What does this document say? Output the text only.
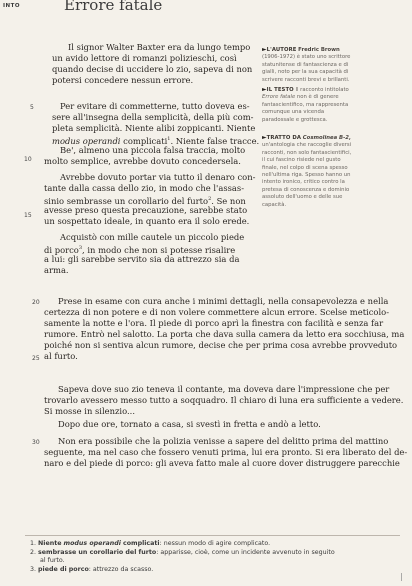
INTO	Errore fatale
5
10
15
20
25
30
Il signor Walter Baxter era da lungo tempo
un avido lettore di romanzi polizieschi, così
quando decise di uccidere lo zio, sapeva di non
potersi concedere nessun errore.
Per evitare di commetterne, tutto doveva es-
sere all'insegna della semplicità, della più com-
pleta semplicità. Niente alibi zoppicanti. Niente
modus operandi complicati$^1$. Niente false tracce.
Be', almeno una piccola falsa traccia, molto
molto semplice, avrebbe dovuto concedersela.
Avrebbe dovuto portar via tutto il denaro con-
tante dalla cassa dello zio, in modo che l'assas-
sinio sembrasse un corollario del furto$^2$. Se non
avesse preso questa precauzione, sarebbe stato
un sospettato ideale, in quanto era il solo erede.
Acquistò con mille cautele un piccolo piede
di porco$^3$, in modo che non si potesse risalire
a lui: gli sarebbe servito sia da attrezzo sia da
arma.
Prese in esame con cura anche i minimi dettagli, nella consapevolezza e nella
certezza di non potere e di non volere commettere alcun errore. Scelse meticolo-
samente la notte e l'ora. Il piede di porco aprì la finestra con facilità e senza far
rumore. Entrò nel salotto. La porta che dava sulla camera da letto era socchiusa, ma
poiché non si sentiva alcun rumore, decise che per prima cosa avrebbe provveduto
al furto.
Sapeva dove suo zio teneva il contante, ma doveva dare l'impressione che per
trovarlo avessero messo tutto a soqquadro. Il chiaro di luna era sufficiente a vedere.
Si mosse in silenzio...
Dopo due ore, tornato a casa, si svestì in fretta e andò a letto.
Non era possibile che la polizia venisse a sapere del delitto prima del mattino
seguente, ma nel caso che fossero venuti prima, lui era pronto. Si era liberato del de-
naro e del piede di porco: gli aveva fatto male al cuore dover distruggere parecchie
►L'AUTORE Fredric Brown
(1906-1972) è stato uno scrittore
statunitense di fantascienza e di
gialli, noto per la sua capacità di
scrivere racconti brevi e brillanti.
►IL TESTO Il racconto intitolato
Errore fatale non è di genere
fantascientifico, ma rappresenta
comunque una vicenda
paradossale e grottesca.
►TRATTO DA Cosmolinea B-2,
un'antologia che raccoglie diversi
racconti, non solo fantascientifici,
il cui fascino risiede nel gusto
finale, nel colpo di scena spesso
nell'ultima riga. Spesso hanno un
intento ironico, critico contro la
pretesa di conoscenza e dominio
assoluto dell'uomo e delle sue
capacità.
1. Niente modus operandi complicati: nessun modo di agire complicato.
2. sembrasse un corollario del furto: apparisse, cioè, come un incidente avvenuto in seguito
al furto.
3. piede di porco: attrezzo da scasso.
|
